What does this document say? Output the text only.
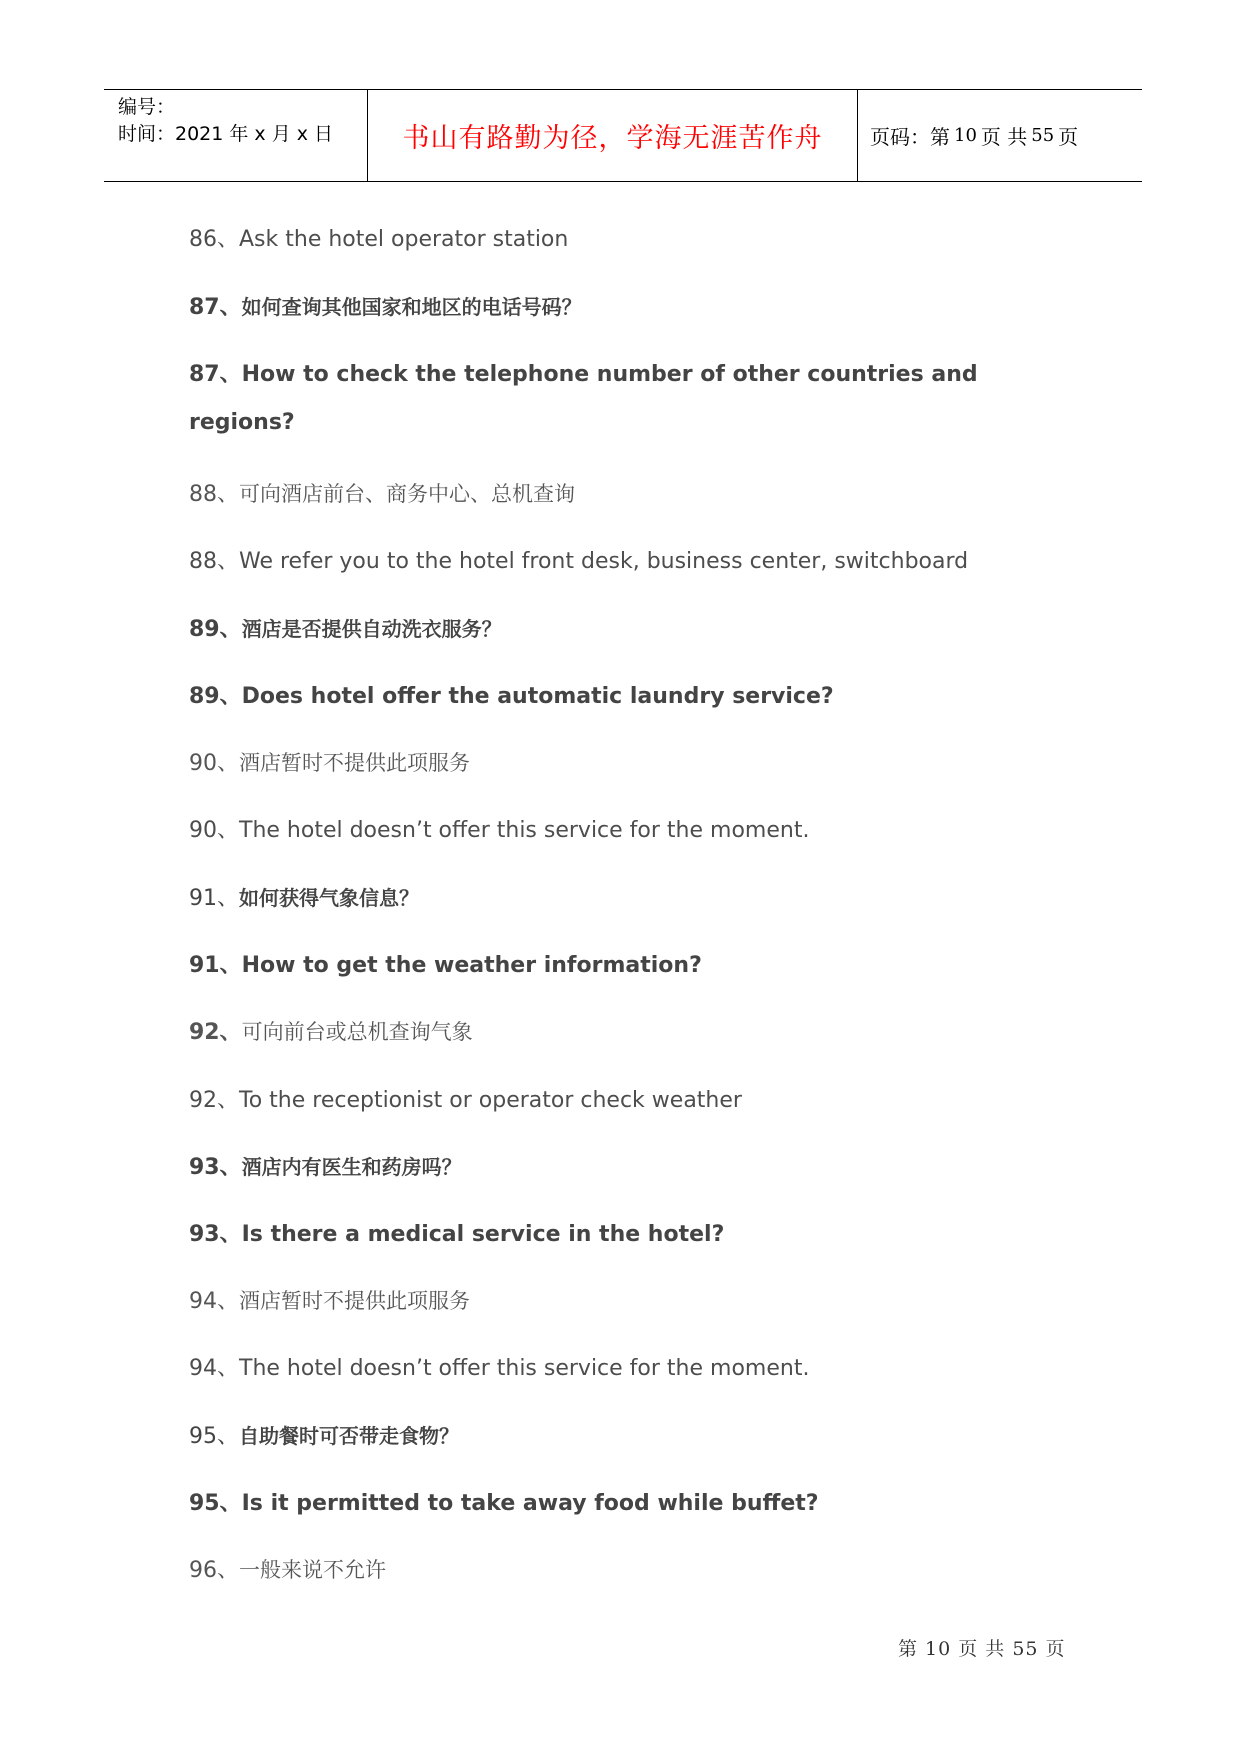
编号：
时间：2021 年 x 月 x 日	书山有路勤为径，学海无涯苦作舟	页码：第 10 页 共 55 页
86、Ask the hotel operator station
87、如何查询其他国家和地区的电话号码？
87、How to check the telephone number of other countries and
regions?
88、可向酒店前台、商务中心、总机查询
88、We refer you to the hotel front desk, business center, switchboard
89、酒店是否提供自动洗衣服务？
89、Does hotel offer the automatic laundry service?
90、酒店暂时不提供此项服务
90、The hotel doesn’t offer this service for the moment.
91、如何获得气象信息？
91、How to get the weather information?
92、可向前台或总机查询气象
92、To the receptionist or operator check weather
93、酒店内有医生和药房吗？
93、Is there a medical service in the hotel?
94、酒店暂时不提供此项服务
94、The hotel doesn’t offer this service for the moment.
95、自助餐时可否带走食物？
95、Is it permitted to take away food while buffet?
96、一般来说不允许
第 10 页 共 55 页
